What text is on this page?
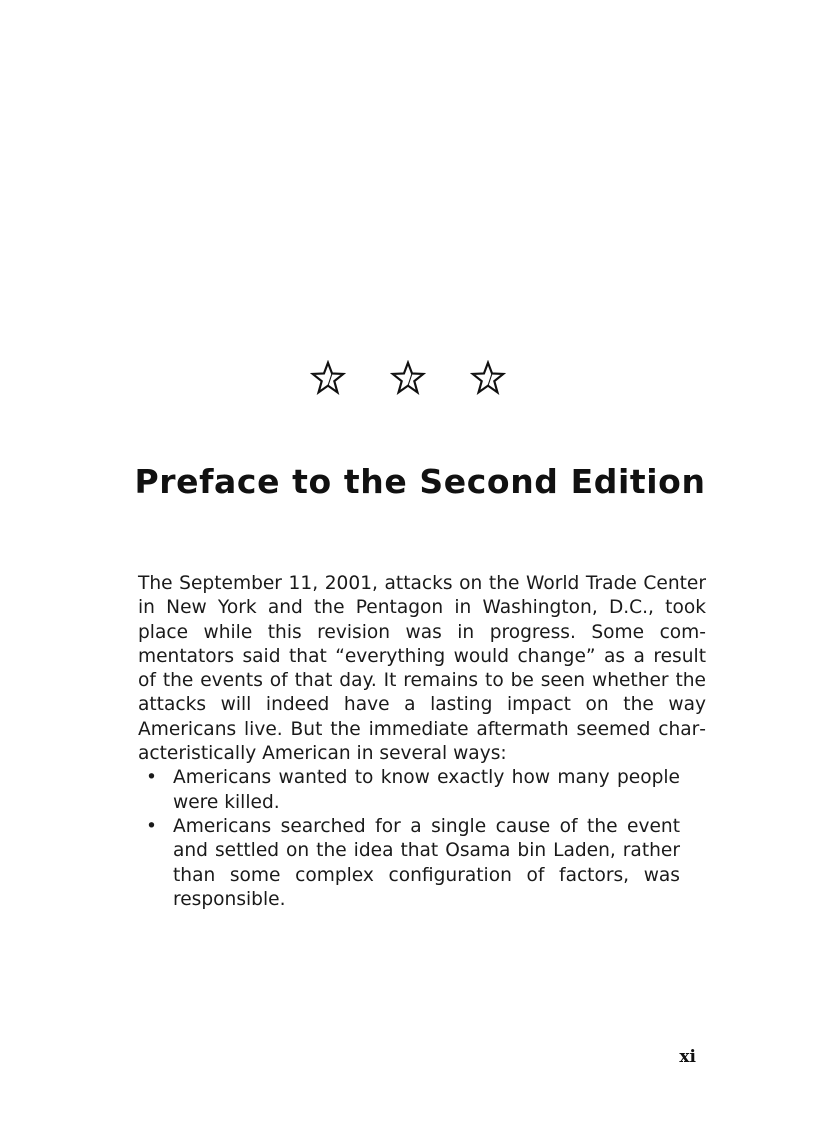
Preface to the Second Edition

The September 11, 2001, attacks on the World Trade Center in New York and the Pentagon in Washington, D.C., took place while this revision was in progress. Some commentators said that “everything would change” as a result of the events of that day. It remains to be seen whether the attacks will indeed have a lasting impact on the way Americans live. But the immediate aftermath seemed characteristically American in several ways:

• Americans wanted to know exactly how many people were killed.
• Americans searched for a single cause of the event and settled on the idea that Osama bin Laden, rather than some complex configuration of factors, was responsible.
xi
